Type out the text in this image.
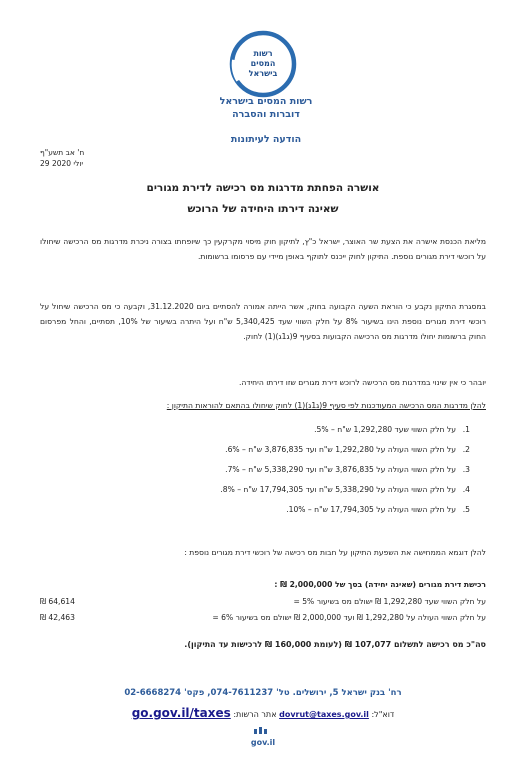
רשות
המסים
בישראל
רשות המסים בישראל
דוברות והסברה
הודעה לעיתונות
ח' אב תשע"ף
29 יולי 2020
אושרה הפחתת מדרגות מס רכישה לדירת מגורים
שאינה דירתו היחידה של הרוכש
מליאת הכנסת אישרה את הצעת שר האוצר, ישראל כ"ץ, לתיקון חוק מיסוי מקרקעין כך שיופחתו בצורה ניכרת מדרגות מס הרכישה שיחולו על רוכשי דירת מגורים נוספת. התיקון לחוק ייכנס לתוקף באופן מיידי עם פרסומו ברשומות.
במסגרת התיקון נקבע כי הוראת השעה הקבועה בחוק, אשר הייתה אמורה להסתיים ביום 31.12.2020, וקבעה כי מס הרכישה שיחול על רוכשי דירת מגורים נוספת הינו בשיעור 8% על חלק השווי שעד 5,340,425 ש"ח ועל היתרה בשיעור של 10%, תסתיים, והחל מפרסום החוק ברשומות יחולו מדרגות מס הרכישה הקבועות בסעיף 9(ג1ג)(1) לחוק.
יובהר כי אין שינוי במדרגות מס הרכישה לרוכש דירת מגורים שזו דירתו היחידה.
להלן מדרגות המס הרכישה המעודכנות לפי סעיף 9(ג1ג)(1) לחוק שיחולו בהתאם להוראות התיקון :
1.
על חלק השווי שעד 1,292,280 ש"ח – 5%.
2.
על חלק השווי העולה על 1,292,280 ש"ח ועד 3,876,835 ש"ח – 6%.
3.
על חלק השווי העולה על 3,876,835 ש"ח ועד 5,338,290 ש"ח – 7%.
4.
על חלק השווי העולה על 5,338,290 ש"ח ועד 17,794,305 ש"ח – 8%.
5.
על חלק השווי העולה על 17,794,305 ש"ח – 10%.
להלן דוגמא הממחישה את השפעת התיקון על חבות מס רכישה של רוכשי דירת מגורים נוספת :
רכישת דירת מגורים (שאינה יחידה) בסך של 2,000,000 ₪ :
על חלק השווי שעד 1,292,280 ₪ ישולם מס בשיעור 5% =
64,614 ₪
על חלק השווי העולה על 1,292,280 ₪ ועד 2,000,000 ₪ ישולם מס בשיעור 6% =
42,463 ₪
סה"כ מס רכישה לתשלום 107,077 ₪ (לעומת 160,000 ₪ לרכישות עד התיקון).
רח' בנק ישראל 5, ירושלים. טל' 074-7611237, פקס' 02-6668274
דוא"ל: dovrut@taxes.gov.il אתר הרשות: go.gov.il/taxes
gov.il
